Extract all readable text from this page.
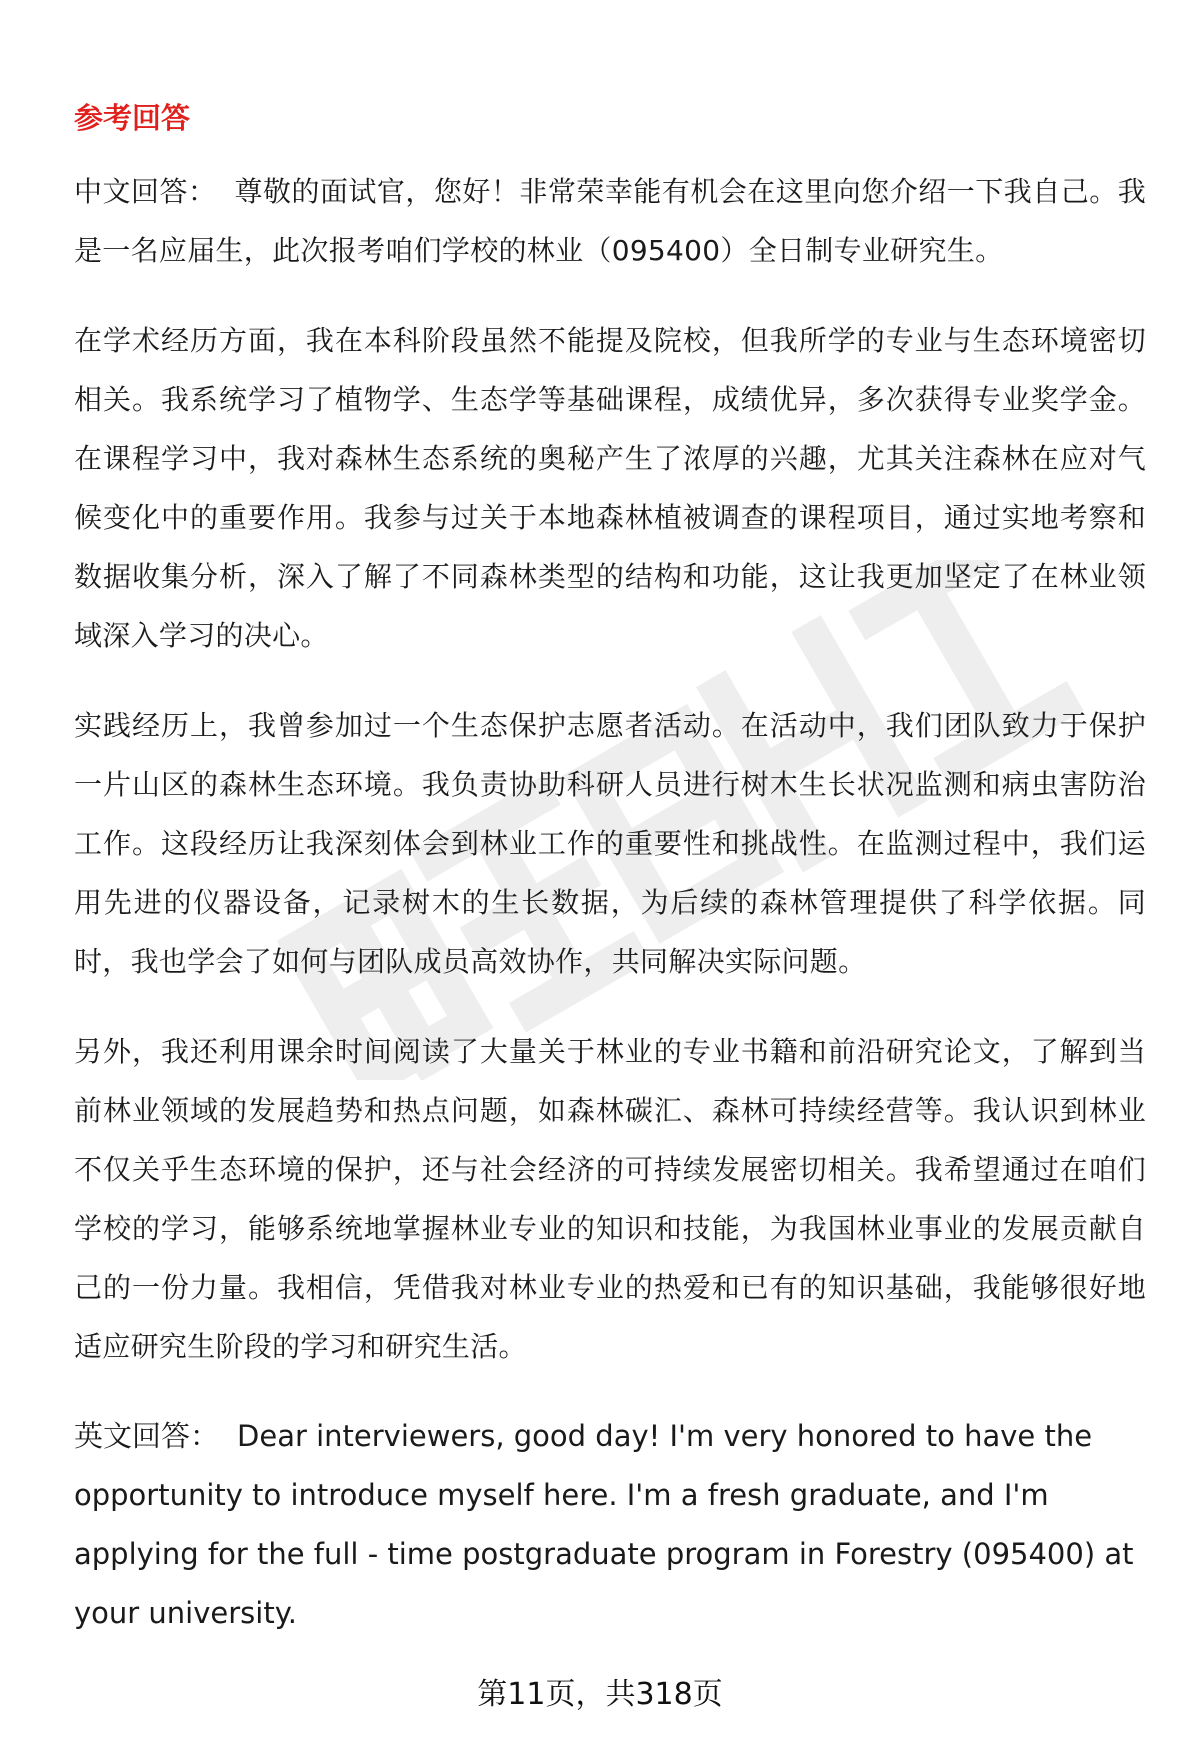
参考回答

中文回答： 尊敬的面试官，您好！非常荣幸能有机会在这里向您介绍一下我自己。我是一名应届生，此次报考咱们学校的林业（095400）全日制专业研究生。

在学术经历方面，我在本科阶段虽然不能提及院校，但我所学的专业与生态环境密切相关。我系统学习了植物学、生态学等基础课程，成绩优异，多次获得专业奖学金。在课程学习中，我对森林生态系统的奥秘产生了浓厚的兴趣，尤其关注森林在应对气候变化中的重要作用。我参与过关于本地森林植被调查的课程项目，通过实地考察和数据收集分析，深入了解了不同森林类型的结构和功能，这让我更加坚定了在林业领域深入学习的决心。

实践经历上，我曾参加过一个生态保护志愿者活动。在活动中，我们团队致力于保护一片山区的森林生态环境。我负责协助科研人员进行树木生长状况监测和病虫害防治工作。这段经历让我深刻体会到林业工作的重要性和挑战性。在监测过程中，我们运用先进的仪器设备，记录树木的生长数据，为后续的森林管理提供了科学依据。同时，我也学会了如何与团队成员高效协作，共同解决实际问题。

另外，我还利用课余时间阅读了大量关于林业的专业书籍和前沿研究论文，了解到当前林业领域的发展趋势和热点问题，如森林碳汇、森林可持续经营等。我认识到林业不仅关乎生态环境的保护，还与社会经济的可持续发展密切相关。我希望通过在咱们学校的学习，能够系统地掌握林业专业的知识和技能，为我国林业事业的发展贡献自己的一份力量。我相信，凭借我对林业专业的热爱和已有的知识基础，我能够很好地适应研究生阶段的学习和研究生活。

英文回答： Dear interviewers, good day! I'm very honored to have the opportunity to introduce myself here. I'm a fresh graduate, and I'm applying for the full - time postgraduate program in Forestry (095400) at your university.

第11页，共318页
